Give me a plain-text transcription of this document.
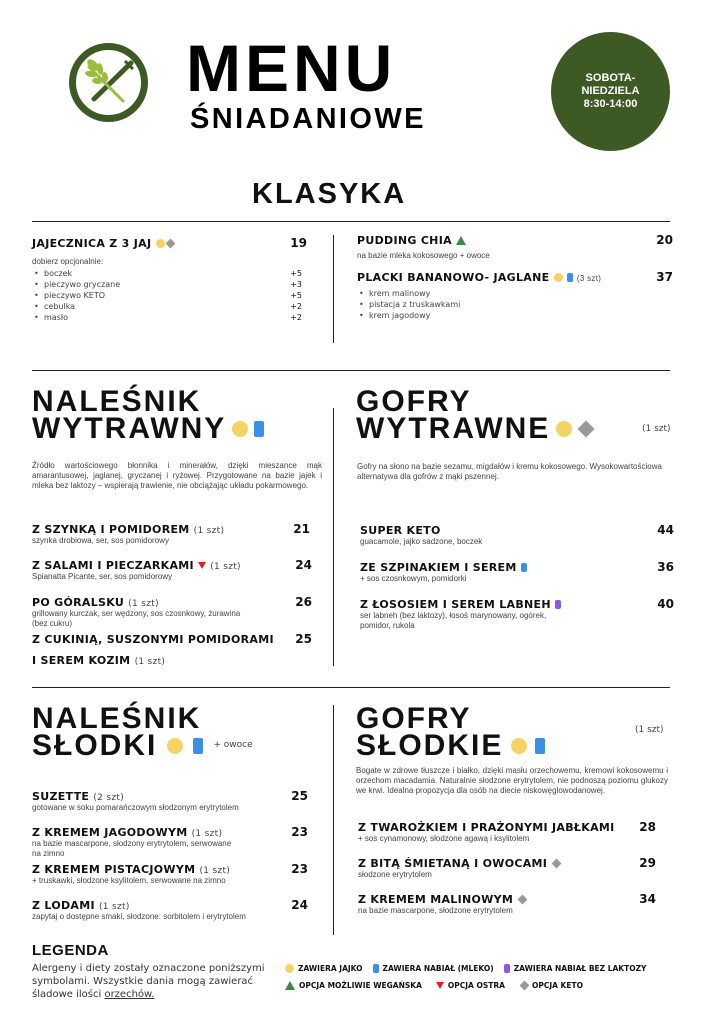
MENU
ŚNIADANIOWE
SOBOTA-
NIEDZIELA
8:30-14:00
KLASYKA
JAJECZNICA Z 3 JAJ	19
dobierz opcjonalnie:
• boczek	+5
• pieczywo gryczane	+3
• pieczywo KETO	+5
• cebulka	+2
• masło	+2
PUDDING CHIA	20
na bazie mleka kokosowego + owoce
PLACKI BANANOWO- JAGLANE	(3 szt)	37
• krem malinowy
• pistacja z truskawkami
• krem jagodowy
NALEŚNIK
WYTRAWNY
Źródło wartościowego błonnika i minerałów, dzięki mieszance mąk amarantusowej, jaglanej, gryczanej i ryżowej. Przygotowane na bazie jajek i mleka bez laktozy – wspierają trawienie, nie obciążając układu pokarmowego.
Z SZYNKĄ I POMIDOREM (1 szt)	21
szynka drobiowa, ser, sos pomidorowy
Z SALAMI I PIECZARKAMI (1 szt)	24
Spianatta Picante, ser, sos pomidorowy
PO GÓRALSKU (1 szt)	26
grillowany kurczak, ser wędzony, sos czosnkowy, żurawina (bez cukru)
Z CUKINIĄ, SUSZONYMI POMIDORAMI 25
I SEREM KOZIM (1 szt)
GOFRY
WYTRAWNE	(1 szt)
Gofry na słono na bazie sezamu, migdałów i kremu kokosowego. Wysokowartościowa alternatywa dla gofrów z mąki pszennej.
SUPER KETO	44
guacamole, jajko sadzone, boczek
ZE SZPINAKIEM I SEREM	36
+ sos czosnkowym, pomidorki
Z ŁOSOSIEM I SEREM LABNEH	40
ser labneh (bez laktozy), łosoś marynowany, ogórek, pomidor, rukola
NALEŚNIK
SŁODKI	+ owoce
SUZETTE (2 szt)	25
gotowane w soku pomarańczowym słodzonym erytrytolem
Z KREMEM JAGODOWYM (1 szt)	23
na bazie mascarpone, słodzony erytrytolem, serwowane na zimno
Z KREMEM PISTACJOWYM (1 szt)	23
+ truskawki, słodzone ksylitolem, serwowane na zimno
Z LODAMI (1 szt)	24
zapytaj o dostępne smaki, słodzone: sorbitolem i erytrytolem
GOFRY
SŁODKIE	(1 szt)
Bogate w zdrowe tłuszcze i białko, dzięki masłu orzechowemu, kremowi kokosowemu i orzechom macadamia. Naturalnie słodzone erytrytolem, nie podnoszą poziomu glukozy we krwi. Idealna propozycja dla osób na diecie niskowęglowodanowej.
Z TWAROŻKIEM I PRAŻONYMI JABŁKAMI 28
+ sos cynamonowy, słodzone agawą i ksylitolem
Z BITĄ ŚMIETANĄ I OWOCAMI	29
słodzone erytrytolem
Z KREMEM MALINOWYM	34
na bazie mascarpone, słodzone erytrytolem
LEGENDA
Alergeny i diety zostały oznaczone poniższymi symbolami. Wszystkie dania mogą zawierać śladowe ilości orzechów.
ZAWIERA JAJKO	ZAWIERA NABIAŁ (MLEKO)	ZAWIERA NABIAŁ BEZ LAKTOZY
OPCJA MOŻLIWIE WEGAŃSKA	OPCJA OSTRA	OPCJA KETO
